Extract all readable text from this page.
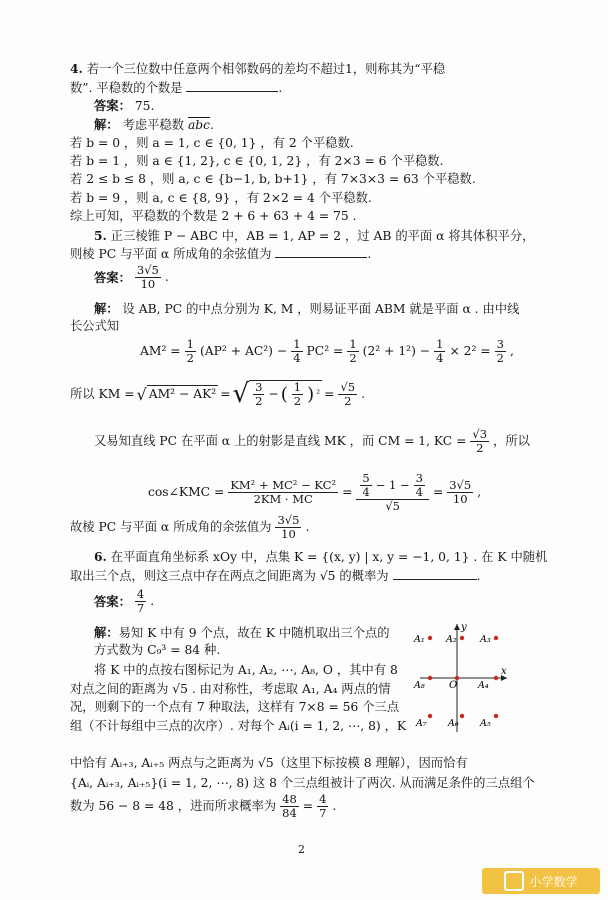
4. 若一个三位数中任意两个相邻数码的差均不超过1，则称其为“平稳
数”. 平稳数的个数是	.
答案： 75.
解： 考虑平稳数 $\overline{abc}$.
若 b = 0 ，则 a = 1, c ∈ {0, 1} ，有 2 个平稳数.
若 b = 1 ，则 a ∈ {1, 2}, c ∈ {0, 1, 2} ，有 2×3 = 6 个平稳数.
若 2 ≤ b ≤ 8 ，则 a, c ∈ {b−1, b, b+1} ，有 7×3×3 = 63 个平稳数.
若 b = 9 ，则 a, c ∈ {8, 9} ，有 2×2 = 4 个平稳数.
综上可知，平稳数的个数是 2 + 6 + 63 + 4 = 75 .
5. 正三棱锥 P − ABC 中，AB = 1, AP = 2 ，过 AB 的平面 α 将其体积平分，
则棱 PC 与平面 α 所成角的余弦值为	.
答案： $\frac{3√5}{10}$ .
解： 设 AB, PC 的中点分别为 K, M ，则易证平面 ABM 就是平面 α . 由中线
长公式知
$AM^2 = \frac{1}{2} (AP^2 + AC^2) - \frac{1}{4} PC^2 = \frac{1}{2} (2^2 + 1^2) - \frac{1}{4} \times 2^2 = \frac{3}{2}$ ,
所以 KM = √ AM² − AK² = √ $\frac{3}{2}$ − ( $\frac{1}{2}$ ) $^2 = \frac{√5}{2}$ .
又易知直线 PC 在平面 α 上的射影是直线 MK ，而 CM = 1, KC = $\frac{√3}{2}$ ，所以
cos∠KMC = $\frac{\text{KM² + MC² − KC²}}{2KM \cdot MC} = \frac{\frac{5}{4} - 1 - \frac{3}{4}}{√5} = \frac{3√5}{10}$ ,
故棱 PC 与平面 α 所成角的余弦值为 $\frac{3√5}{10}$ .
6. 在平面直角坐标系 xOy 中，点集 K = {(x, y) | x, y = −1, 0, 1} . 在 K 中随机
取出三个点，则这三点中存在两点之间距离为 √5 的概率为	.
答案： $\frac{4}{7}$ .
解：易知 K 中有 9 个点，故在 K 中随机取出三个点的方式数为 C₉³ = 84 种.
将 K 中的点按右图标记为 A₁, A₂, ⋯, A₈, O ，其中有 8 对点之间的距离为 √5 . 由对称性，考虑取 A₁, A₄ 两点的情况，则剩下的一个点有 7 种取法，这样有 7×8 = 56 个三点组（不计每组中三点的次序）. 对每个 Aᵢ(i = 1, 2, ⋯, 8) ，K
中恰有 Aᵢ₊₃, Aᵢ₊₅ 两点与之距离为 √5（这里下标按模 8 理解），因而恰有
{Aᵢ, Aᵢ₊₃, Aᵢ₊₅}(i = 1, 2, ⋯, 8) 这 8 个三点组被计了两次. 从而满足条件的三点组个
数为 56 − 8 = 48 ，进而所求概率为 $\frac{48}{84} = \frac{4}{7}$ .
y
x
O
A₁ A₂ A₃
A₄
A₅
A₆
A₇
A₈
2
小学数学
